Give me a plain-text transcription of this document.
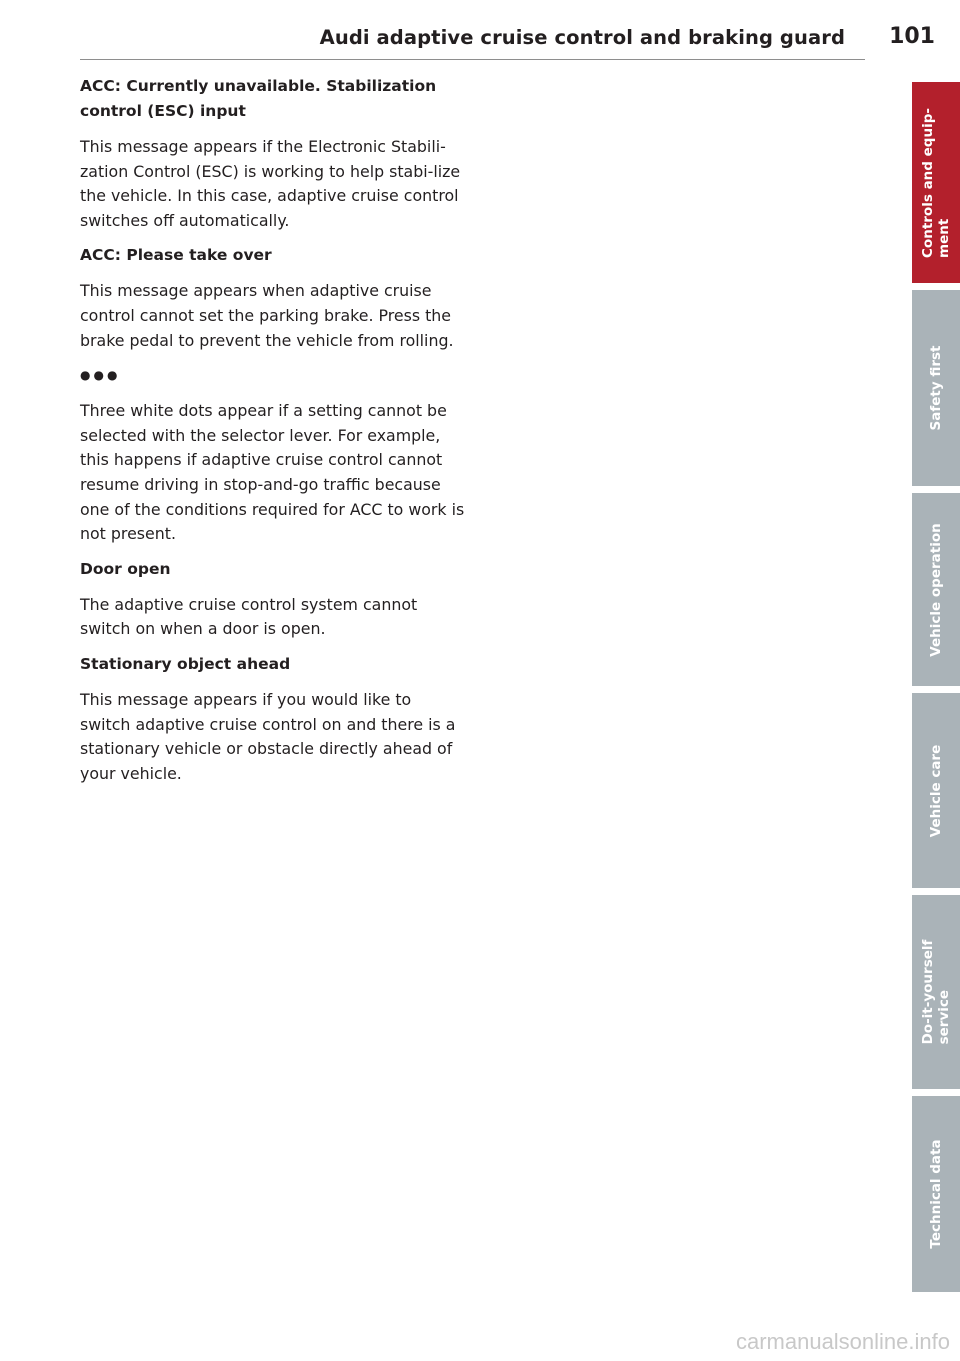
Audi adaptive cruise control and braking guard 101
ACC: Currently unavailable. Stabilization
control (ESC) input

This message appears if the Electronic Stabili-zation Control (ESC) is working to help stabi-lize the vehicle. In this case, adaptive cruise control switches off automatically.

ACC: Please take over

This message appears when adaptive cruise control cannot set the parking brake. Press the brake pedal to prevent the vehicle from rolling.

●●●

Three white dots appear if a setting cannot be selected with the selector lever. For example, this happens if adaptive cruise control cannot resume driving in stop-and-go traffic because one of the conditions required for ACC to work is not present.

Door open

The adaptive cruise control system cannot switch on when a door is open.

Stationary object ahead

This message appears if you would like to switch adaptive cruise control on and there is a stationary vehicle or obstacle directly ahead of your vehicle.

Controls and equip- ment
Safety first
Vehicle operation
Vehicle care
Do-it-yourself service
Technical data
carmanualsonline.info
